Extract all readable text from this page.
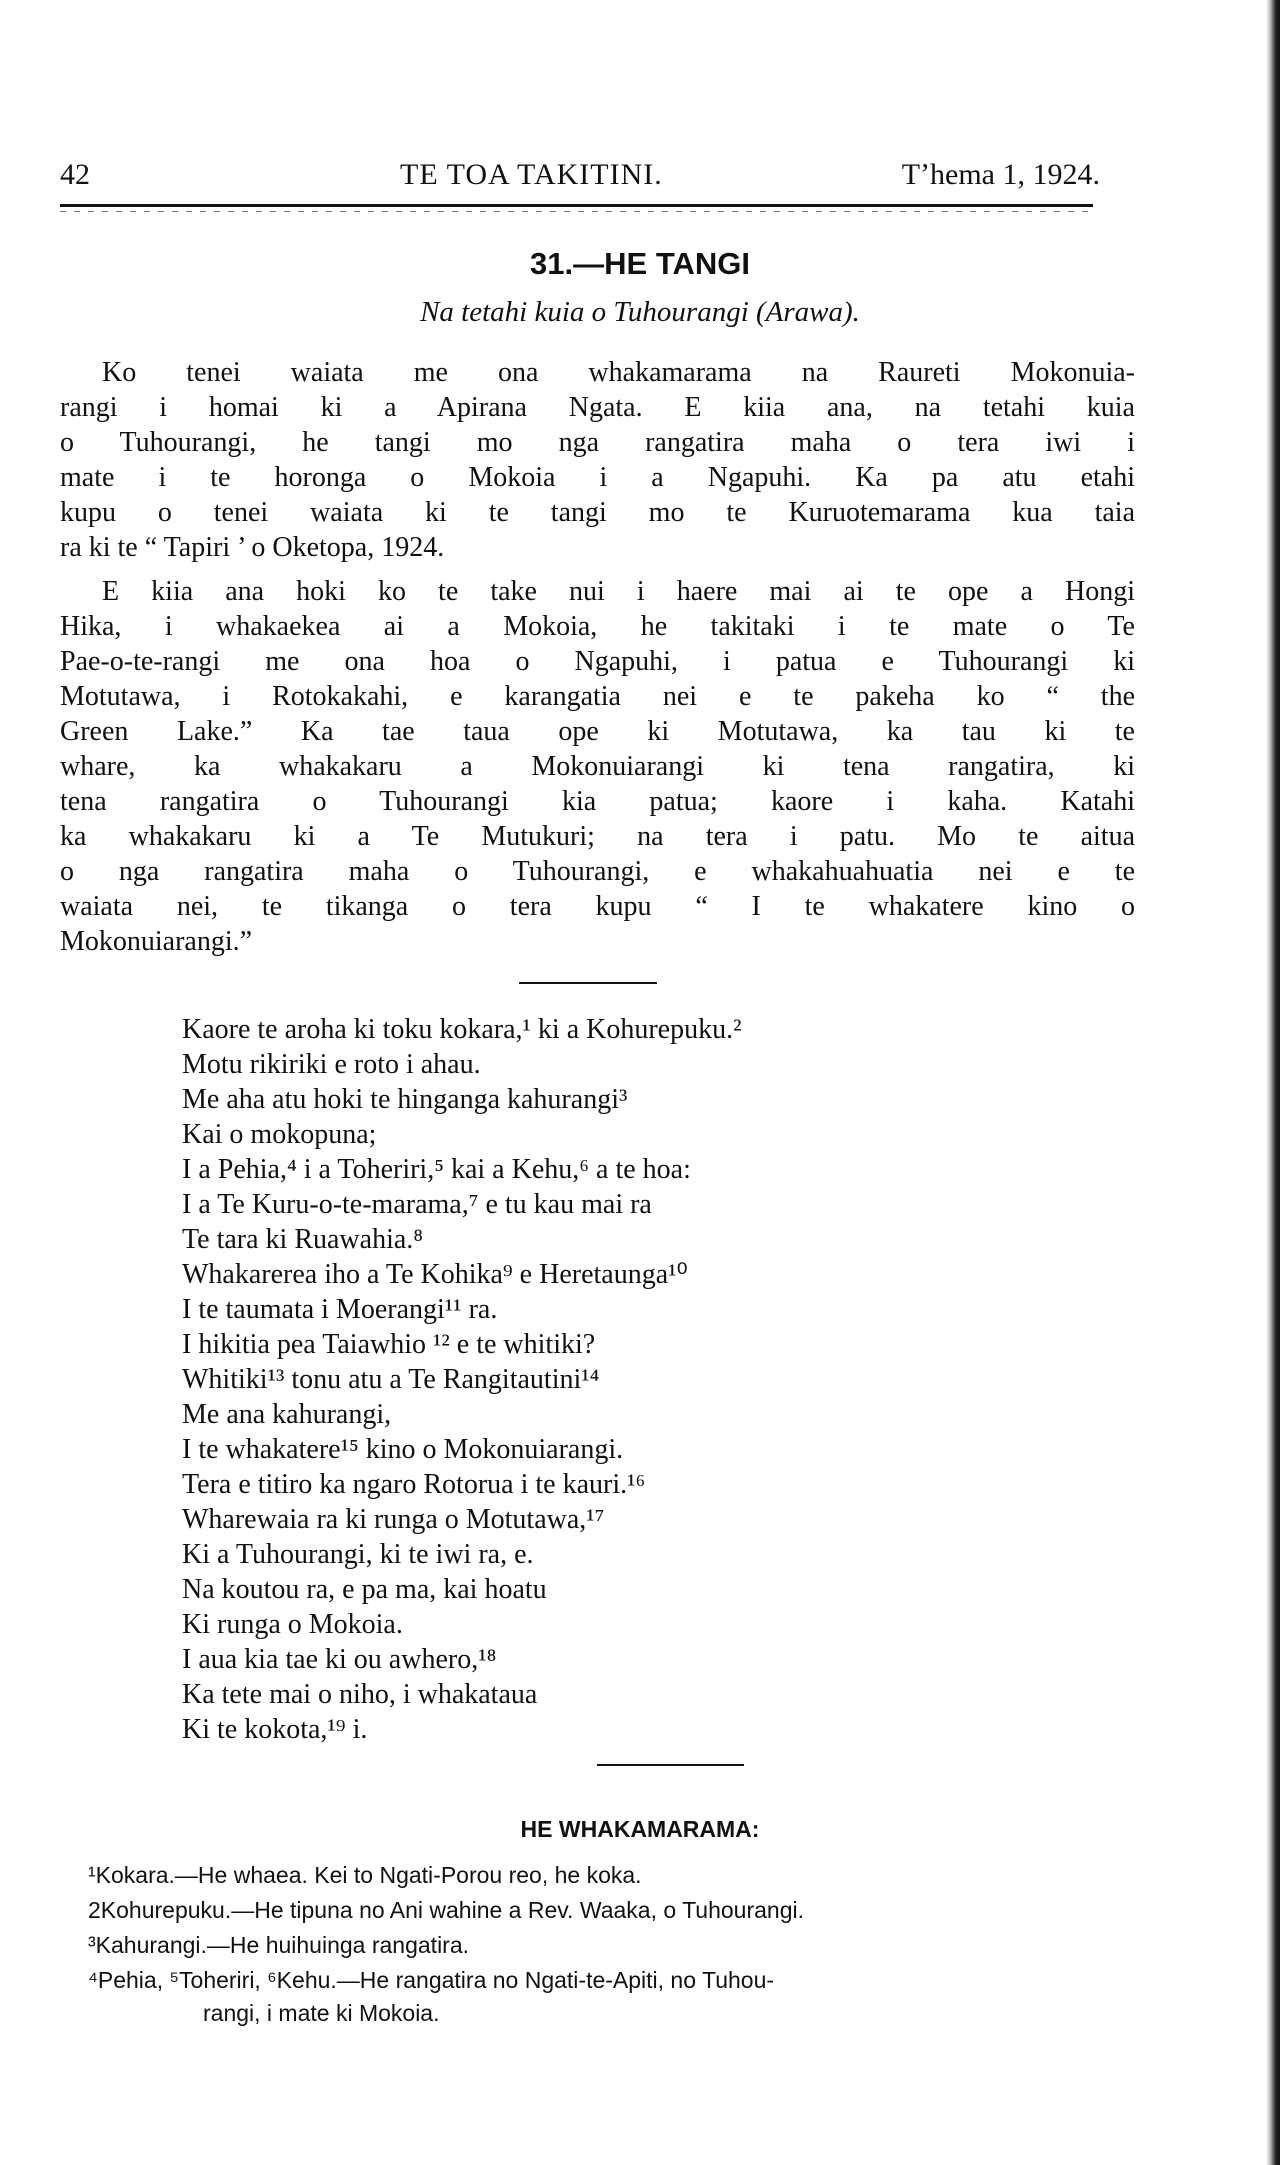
42	TE TOA TAKITINI.	Tʼhema 1, 1924.
31.—HE TANGI
Na tetahi kuia o Tuhourangi (Arawa).
Ko tenei waiata me ona whakamarama na Raureti Mokonuia-
rangi i homai ki a Apirana Ngata. E kiia ana, na tetahi kuia
o Tuhourangi, he tangi mo nga rangatira maha o tera iwi i
mate i te horonga o Mokoia i a Ngapuhi. Ka pa atu etahi
kupu o tenei waiata ki te tangi mo te Kuruotemarama kua taia
ra ki te “ Tapiri ’ o Oketopa, 1924.
E kiia ana hoki ko te take nui i haere mai ai te ope a Hongi
Hika, i whakaekea ai a Mokoia, he takitaki i te mate o Te
Pae-o-te-rangi me ona hoa o Ngapuhi, i patua e Tuhourangi ki
Motutawa, i Rotokakahi, e karangatia nei e te pakeha ko “ the
Green Lake.” Ka tae taua ope ki Motutawa, ka tau ki te
whare, ka whakakaru a Mokonuiarangi ki tena rangatira, ki
tena rangatira o Tuhourangi kia patua; kaore i kaha. Katahi
ka whakakaru ki a Te Mutukuri; na tera i patu. Mo te aitua
o nga rangatira maha o Tuhourangi, e whakahuahuatia nei e te
waiata nei, te tikanga o tera kupu “ I te whakatere kino o
Mokonuiarangi.”
Kaore te aroha ki toku kokara,¹ ki a Kohurepuku.²
Motu rikiriki e roto i ahau.
Me aha atu hoki te hinganga kahurangi³
Kai o mokopuna;
I a Pehia,⁴ i a Toheriri,⁵ kai a Kehu,⁶ a te hoa:
I a Te Kuru-o-te-marama,⁷ e tu kau mai ra
Te tara ki Ruawahia.⁸
Whakarerea iho a Te Kohika⁹ e Heretaunga¹⁰
I te taumata i Moerangi¹¹ ra.
I hikitia pea Taiawhio ¹² e te whitiki?
Whitiki¹³ tonu atu a Te Rangitautini¹⁴
Me ana kahurangi,
I te whakatere¹⁵ kino o Mokonuiarangi.
Tera e titiro ka ngaro Rotorua i te kauri.¹⁶
Wharewaia ra ki runga o Motutawa,¹⁷
Ki a Tuhourangi, ki te iwi ra, e.
Na koutou ra, e pa ma, kai hoatu
Ki runga o Mokoia.
I aua kia tae ki ou awhero,¹⁸
Ka tete mai o niho, i whakataua
Ki te kokota,¹⁹ i.
HE WHAKAMARAMA:
¹Kokara.—He whaea. Kei to Ngati-Porou reo, he koka.
2Kohurepuku.—He tipuna no Ani wahine a Rev. Waaka, o Tuhourangi.
³Kahurangi.—He huihuinga rangatira.
⁴Pehia, ⁵Toheriri, ⁶Kehu.—He rangatira no Ngati-te-Apiti, no Tuhou-
rangi, i mate ki Mokoia.
